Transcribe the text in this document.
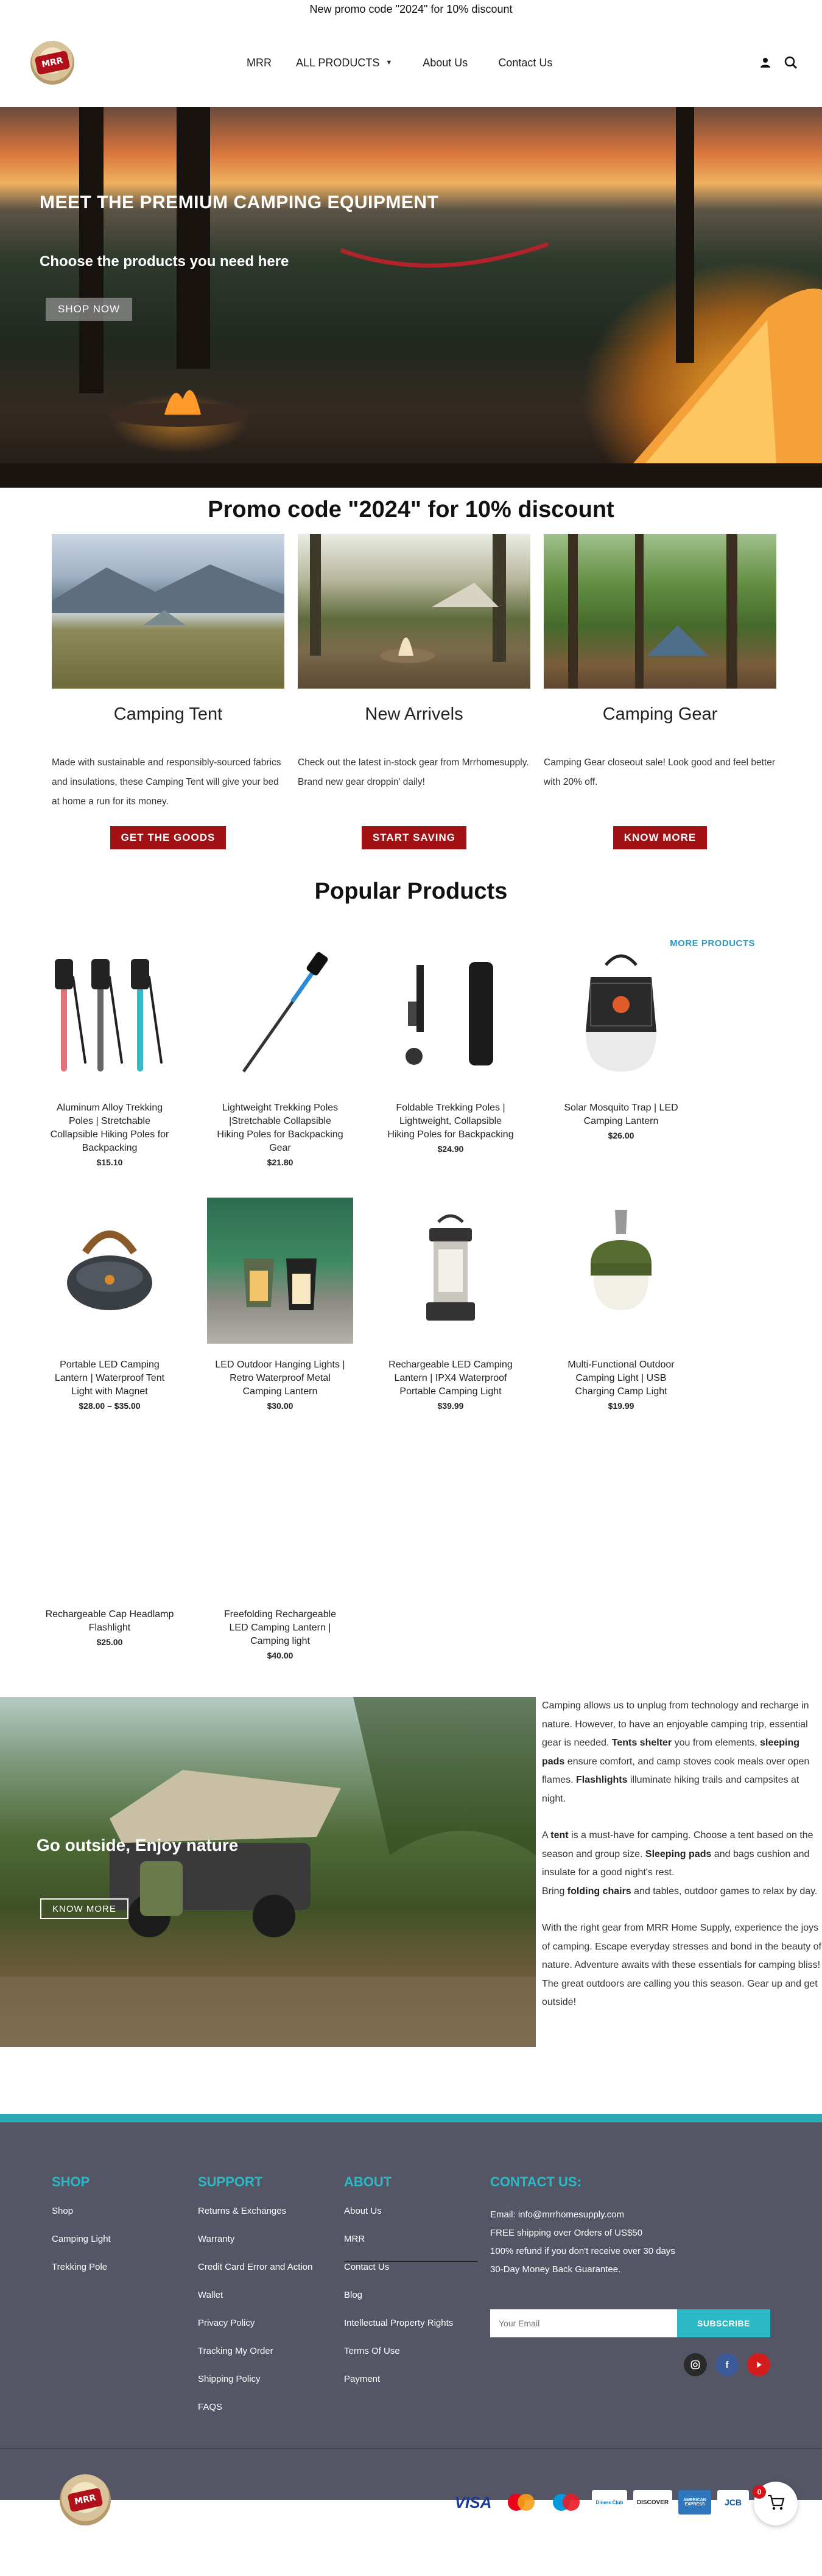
New promo code "2024" for 10% discount
MRR	MRR ALL PRODUCTS ▼	About Us	Contact Us
MEET THE PREMIUM CAMPING EQUIPMENT
Choose the products you need here
SHOP NOW
Promo code "2024" for 10% discount
Camping Tent
Made with sustainable and responsibly-sourced fabrics and insulations, these Camping Tent will give your bed at home a run for its money.
GET THE GOODS
New Arrivels
Check out the latest in-stock gear from Mrrhomesupply. Brand new gear droppin' daily!
START SAVING
Camping Gear
Camping Gear closeout sale! Look good and feel better with 20% off.
KNOW MORE
Popular Products
MORE PRODUCTS
Aluminum Alloy Trekking Poles | Stretchable Collapsible Hiking Poles for Backpacking
$15.10
Lightweight Trekking Poles |Stretchable Collapsible Hiking Poles for Backpacking Gear
$21.80
Foldable Trekking Poles | Lightweight, Collapsible Hiking Poles for Backpacking
$24.90
Solar Mosquito Trap | LED Camping Lantern
$26.00
Portable LED Camping Lantern | Waterproof Tent Light with Magnet
$28.00 – $35.00
LED Outdoor Hanging Lights | Retro Waterproof Metal Camping Lantern
$30.00
Rechargeable LED Camping Lantern | IPX4 Waterproof Portable Camping Light
$39.99
Multi-Functional Outdoor Camping Light | USB Charging Camp Light
$19.99
Rechargeable Cap Headlamp Flashlight
$25.00
Freefolding Rechargeable LED Camping Lantern | Camping light
$40.00
Go outside, Enjoy nature
KNOW MORE

Camping allows us to unplug from technology and recharge in nature. However, to have an enjoyable camping trip, essential gear is needed. Tents shelter you from elements, sleeping pads ensure comfort, and camp stoves cook meals over open flames. Flashlights illuminate hiking trails and campsites at night.

A tent is a must-have for camping. Choose a tent based on the season and group size. Sleeping pads and bags cushion and insulate for a good night's rest.
Bring folding chairs and tables, outdoor games to relax by day.

With the right gear from MRR Home Supply, experience the joys of camping. Escape everyday stresses and bond in the beauty of nature. Adventure awaits with these essentials for camping bliss! The great outdoors are calling you this season. Gear up and get outside!

SHOP
Shop
Camping Light
Trekking Pole
SUPPORT
Returns & Exchanges
Warranty
Credit Card Error and Action
Wallet
Privacy Policy
Tracking My Order
Shipping Policy
FAQS
ABOUT
About Us
MRR
Contact Us
Blog
Intellectual Property Rights
Terms Of Use
Payment
CONTACT US:

Email: info@mrrhomesupply.com

FREE shipping over Orders of US$50

100% refund if you don't receive over 30 days

30-Day Money Back Guarantee.

Your Email
SUBSCRIBE
f
MRR	VISA	Diners Club	DISCOVER	AMERICAN EXPRESS	JCB
0
